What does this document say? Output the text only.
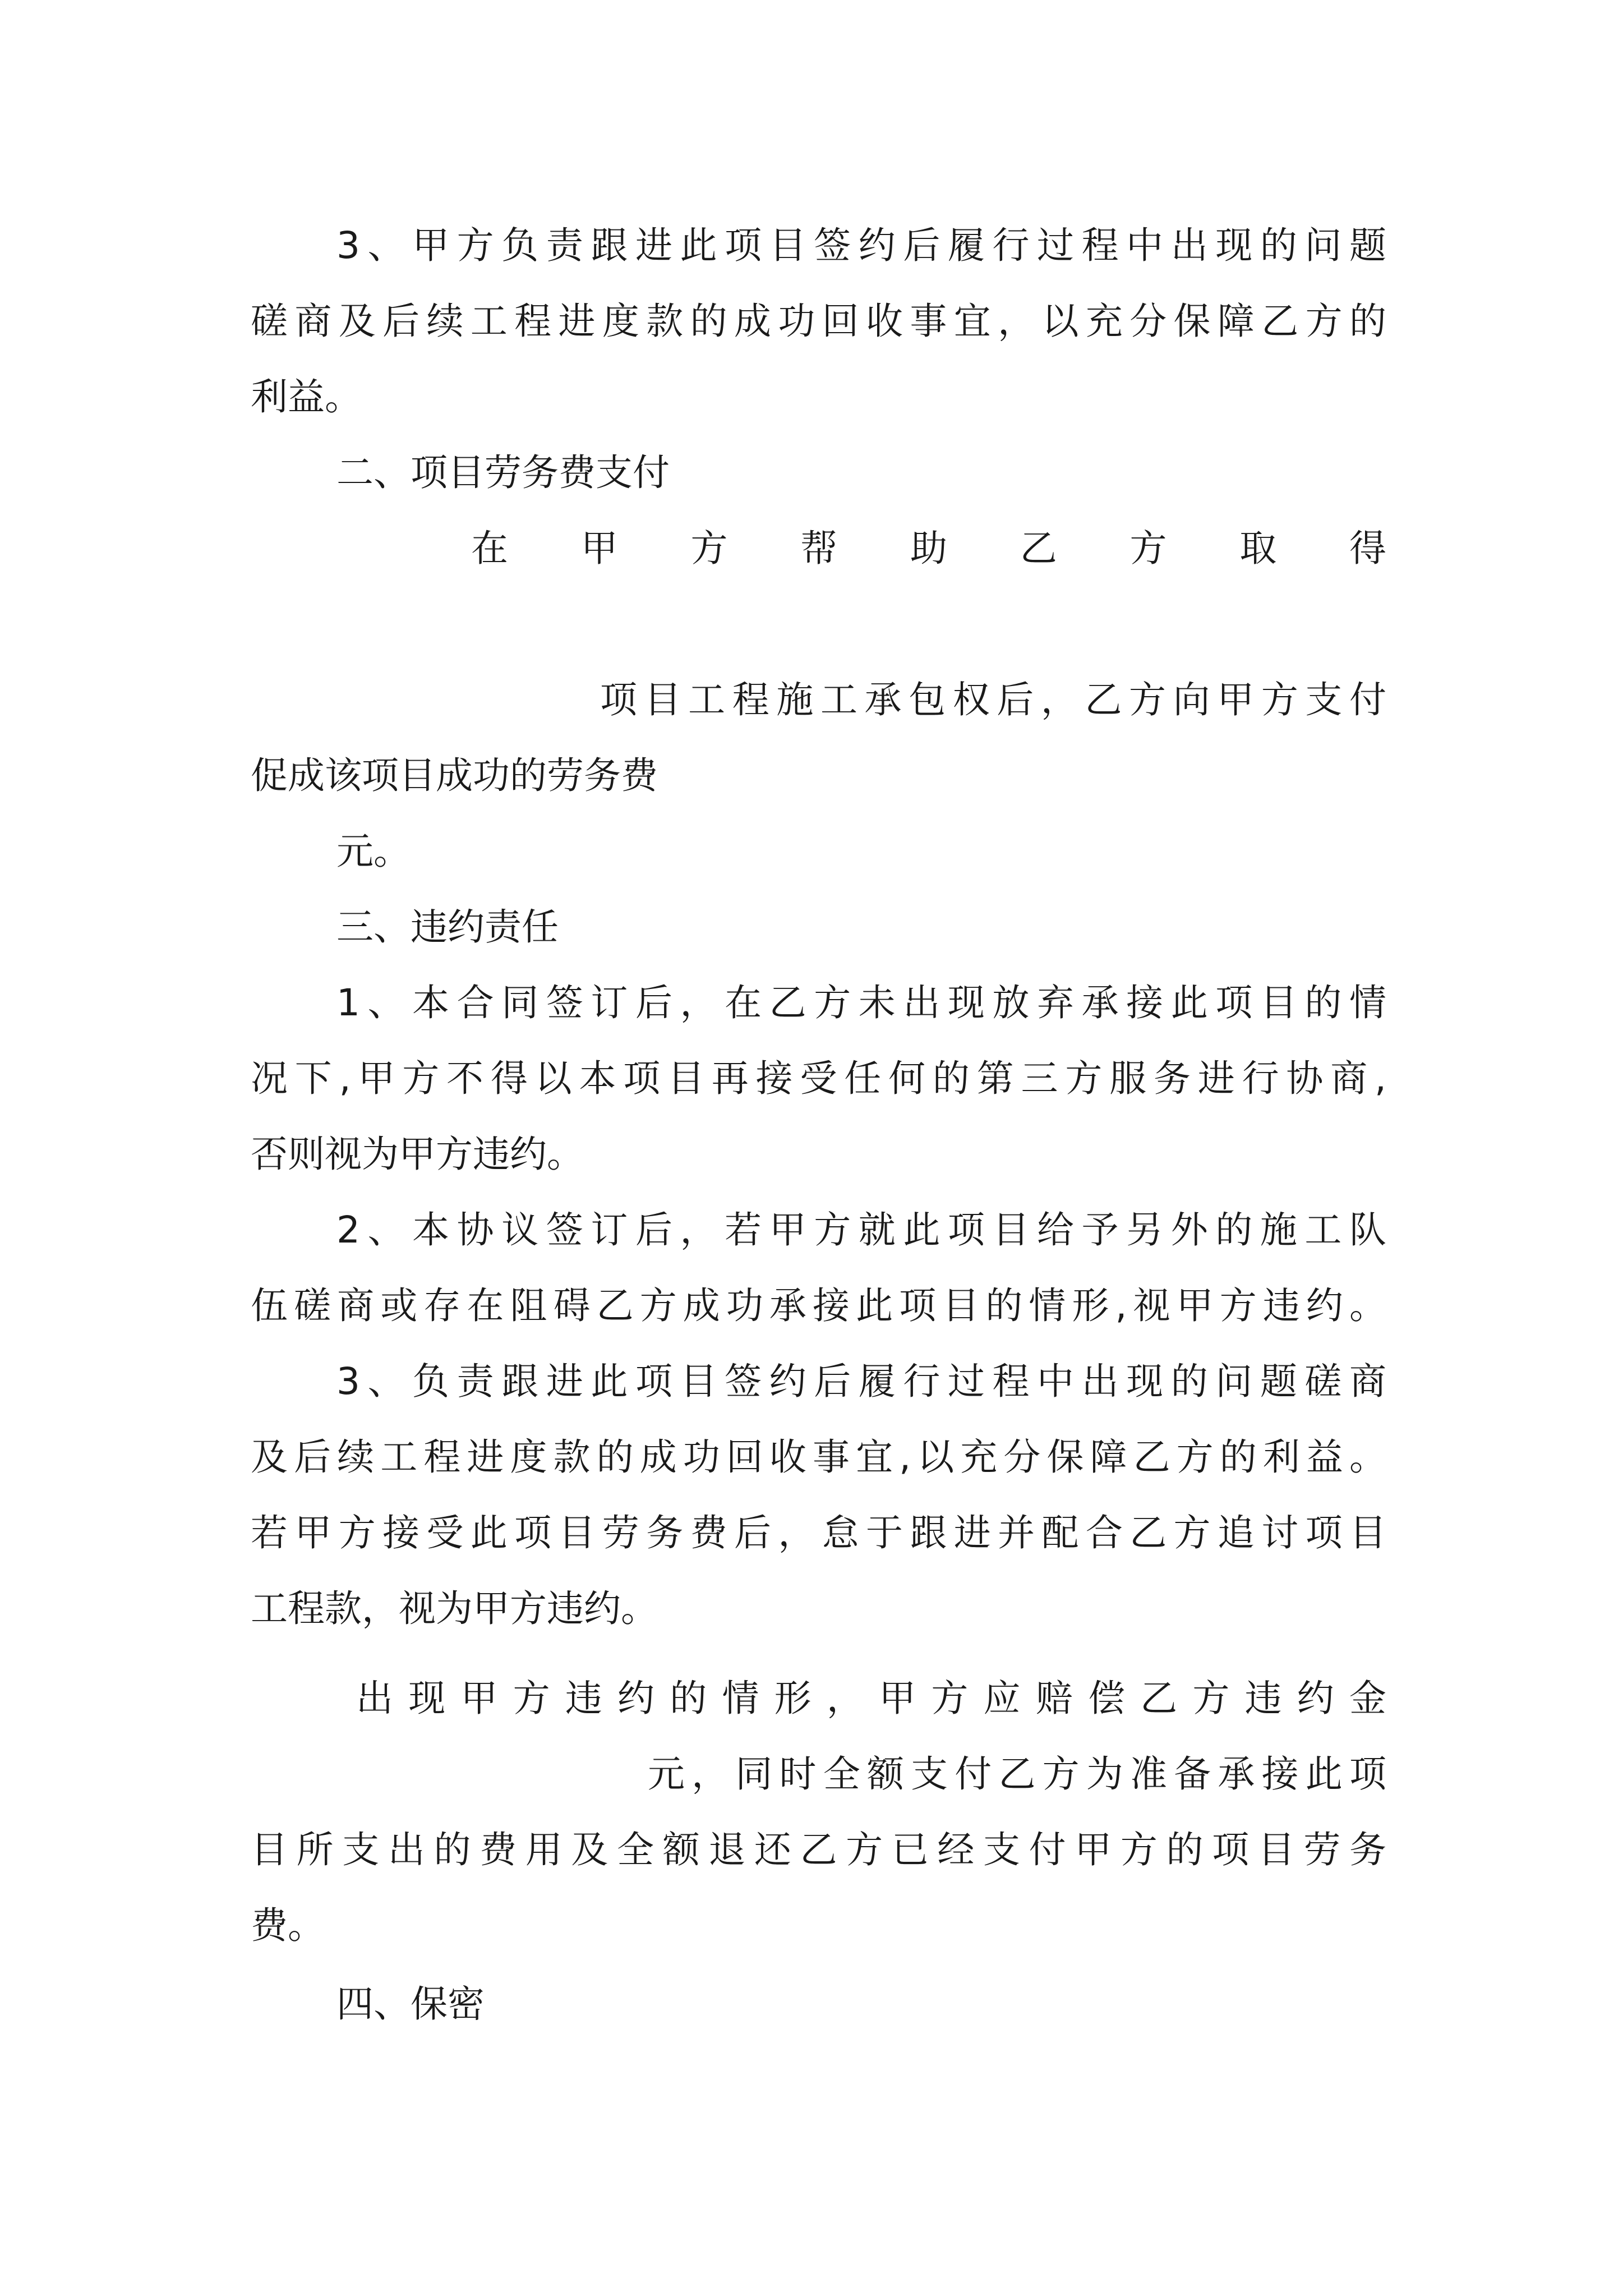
3、甲方负责跟进此项目签约后履行过程中出现的问题
磋商及后续工程进度款的成功回收事宜，以充分保障乙方的
利益。
二、项目劳务费支付
在甲方帮助乙方取得
项目工程施工承包权后，乙方向甲方支付
促成该项目成功的劳务费
元。
三、违约责任
1、本合同签订后，在乙方未出现放弃承接此项目的情
况下,甲方不得以本项目再接受任何的第三方服务进行协商,
否则视为甲方违约。
2、本协议签订后，若甲方就此项目给予另外的施工队
伍磋商或存在阻碍乙方成功承接此项目的情形,视甲方违约。
3、负责跟进此项目签约后履行过程中出现的问题磋商
及后续工程进度款的成功回收事宜,以充分保障乙方的利益。
若甲方接受此项目劳务费后，怠于跟进并配合乙方追讨项目
工程款，视为甲方违约。
出现甲方违约的情形，甲方应赔偿乙方违约金
元，同时全额支付乙方为准备承接此项
目所支出的费用及全额退还乙方已经支付甲方的项目劳务
费。
四、保密
